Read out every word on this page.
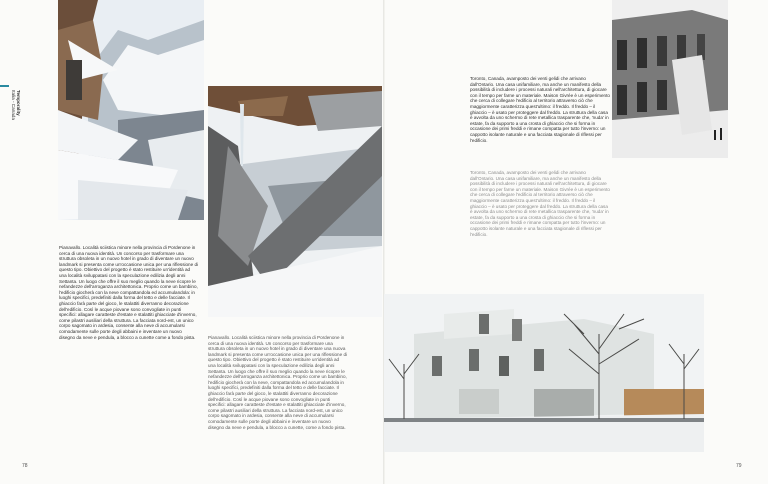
Temporality
Italia - Canada

Pianavallo. Località sciistica minore nella provincia di Pordenone in cerca di una nuova identità. Un concorso per trasformare una struttura obsoleta in un nuovo hotel in grado di diventare un nuovo landmark si presenta come un'occasione unica per una riflessione di questo tipo. Obiettivo del progetto è stato restituire un'identità ad una località sviluppatasi con la speculazione edilizia degli anni Settanta. Un luogo che offre il suo meglio quando la neve ricopre le nefandezze dell'arroganza architettonica. Proprio come un bambino, l'edificio giocherà con la neve compattandola ed accumulandola: in luoghi specifici, predefiniti dalla forma del tetto e delle facciate. Il ghiaccio farà parte del gioco, le stalattiti diverranno decorazione dell'edificio. Così le acque piovane sono convogliate in punti specifici: allagare caratteste d'estate e stalattiti ghiacciate d'inverno, come pilastri ausiliari della struttura. La facciata nord-est, un unico corpo sagomato in ardesia, consente alla neve di accumularsi comodamente sulle porte degli abbaini e inventare un nuovo disegno da neve e pendula, a blocco a cunette come a fondo pista.	Pianavallo. Località sciistica minore nella provincia di Pordenone in cerca di una nuova identità. Un concorso per trasformare una struttura obsoleta in un nuovo hotel in grado di diventare una nuova landmark si presenta come un'occasione unica per una riflessione di questo tipo. Obiettivo del progetto è stato restituire un'identità ad una località sviluppatasi con la speculazione edilizia degli anni Settanta. Un luogo che offre il suo meglio quando la neve ricopre le nefandezze dell'arroganza architettonica. Proprio come un bambino, l'edificio giocherà con la neve, compattandola ed accumulandola in luoghi specifici, predefiniti dalla forma del tetto e delle facciate. Il ghiaccio farà parte del gioco, le stalattiti diverranno decorazione dell'edificio. Così le acque piovane sono convogliate in punti specifici: allagare caratteste d'estate e stalattiti ghiacciate d'inverno, come pilastri ausiliari della struttura. La facciata nord-est, un unico corpo sagomato in ardesia, consente alla neve di accumularsi comodamente sulle porte degli abbaini e inventare un nuovo disegno da neve e pendula, a blocco a cunette, come a fondo pista.

Toronto, Canada, avamposto dei venti gelidi che arrivano dall'Ontario. Una casa unifamiliare, ma anche un manifesto della possibilità di includere i processi naturali nell'architettura, di giocare con il tempo per farne un materiale. Maison Givrée è un esperimento che cerca di collegare l'edificio al territorio attraverso ciò che maggiormente caratterizza quest'ultimo: il freddo. Il freddo – il ghiaccio – è usato per proteggere dal freddo. La struttura della casa è avvolta da uno schermo di rete metallica trasparente che, 'nuda' in estate, fa da supporto a una crosta di ghiaccio che si forma in occasione dei primi freddi e rimane compatta per tutto l'inverno: un cappotto isolante naturale e una facciata stagionale di riflessi per l'edificio.

Toronto, Canada, avamposto dei venti gelidi che arrivano dall'Ontario. Una casa unifamiliare, ma anche un manifesto della possibilità di includere i processi naturali nell'architettura, di giocare con il tempo per farne un materiale. Maison Givrée è un esperimento che cerca di collegare l'edificio al territorio attraverso ciò che maggiormente caratterizza quest'ultimo: il freddo. Il freddo – il ghiaccio – è usato per proteggere dal freddo. La struttura della casa è avvolta da uno schermo di rete metallica trasparente che, 'nuda' in estate, fa da supporto a una crosta di ghiaccio che si forma in occasione dei primi freddi e rimane compatta per tutto l'inverno: un cappotto isolante naturale e una facciata stagionale di riflessi per l'edificio.

78	79
